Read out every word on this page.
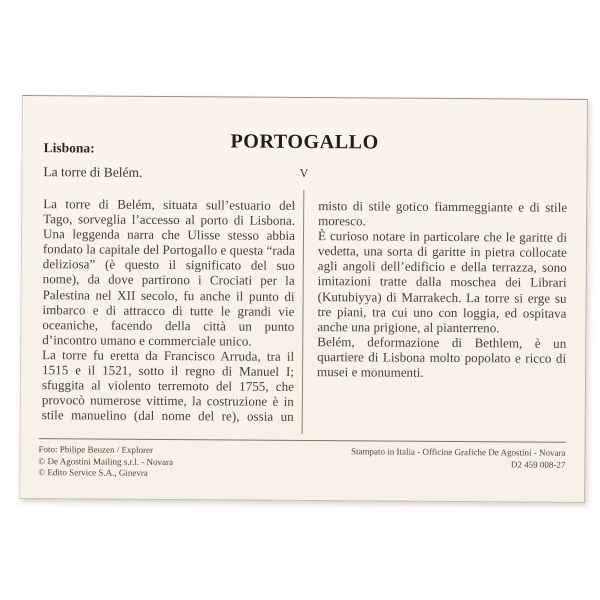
PORTOGALLO
V
Lisbona:
La torre di Belém.

La torre di Belém, situata sull’estuario del Tago, sorveglia l’accesso al porto di Lisbona. Una leggenda narra che Ulisse stesso abbia fondato la capitale del Portogallo e questa “rada deliziosa” (è questo il significato del suo nome), da dove partirono i Crociati per la Palestina nel XII secolo, fu anche il punto di imbarco e di attracco di tutte le grandi vie oceaniche, facendo della città un punto d’incontro umano e commerciale unico.

La torre fu eretta da Francisco Arruda, tra il 1515 e il 1521, sotto il regno di Manuel I; sfuggita al violento terremoto del 1755, che provocò numerose vittime, la costruzione è in stile manuelino (dal nome del re), ossia un

misto di stile gotico fiammeggiante e di stile moresco.

È curioso notare in particolare che le garitte di vedetta, una sorta di garitte in pietra collocate agli angoli dell’edificio e della terrazza, sono imitazioni tratte dalla moschea dei Librari (Kutubiyya) di Marrakech. La torre si erge su tre piani, tra cui uno con loggia, ed ospitava anche una prigione, al pianterreno.

Belém, deformazione di Bethlem, è un quartiere di Lisbona molto popolato e ricco di musei e monumenti.

Foto: Philipe Beuzen / Explorer
© De Agostini Mailing s.r.l. - Novara
© Edito Service S.A., Ginevra
Stampato in Italia - Officine Grafiche De Agostini - Novara
D2 459 008-27
